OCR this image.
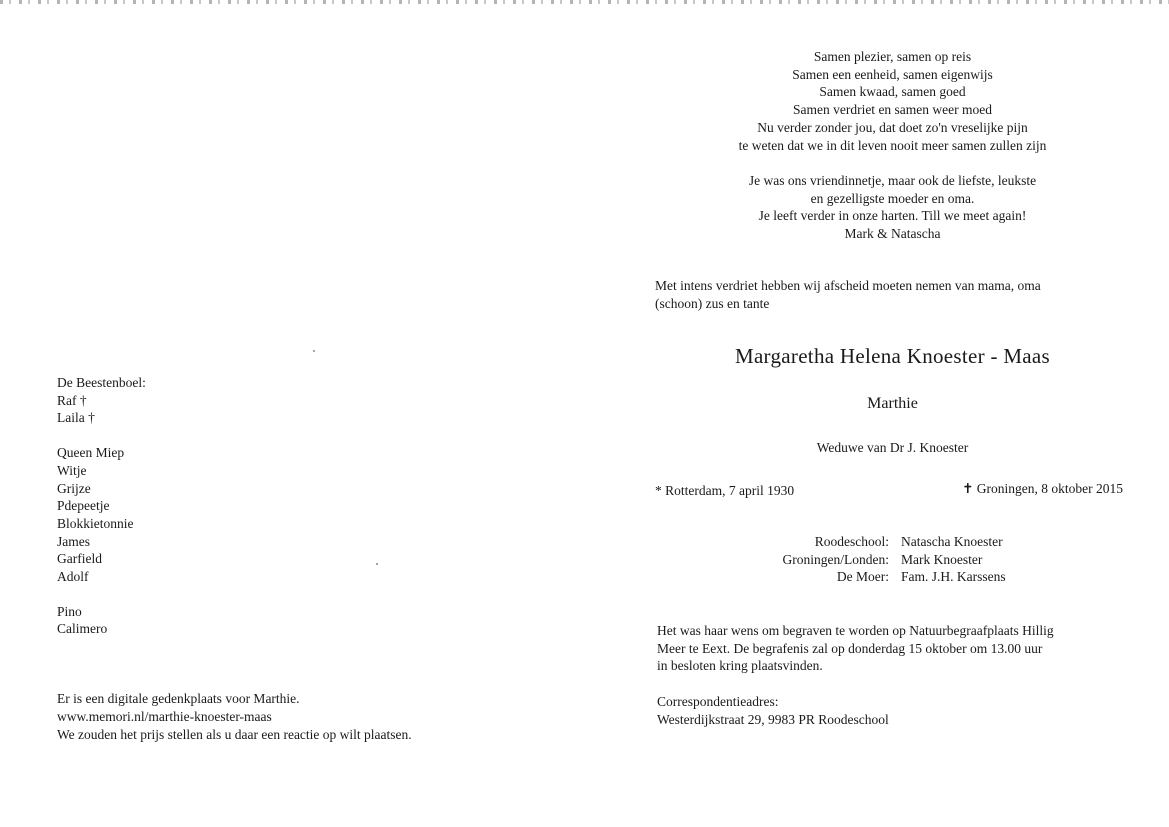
De Beestenboel:
Raf †
Laila †
Queen Miep
Witje
Grijze
Pdepeetje
Blokkietonnie
James
Garfield
Adolf
Pino
Calimero
Er is een digitale gedenkplaats voor Marthie.
www.memori.nl/marthie-knoester-maas
We zouden het prijs stellen als u daar een reactie op wilt plaatsen.
Samen plezier, samen op reis
Samen een eenheid, samen eigenwijs
Samen kwaad, samen goed
Samen verdriet en samen weer moed
Nu verder zonder jou, dat doet zo'n vreselijke pijn
te weten dat we in dit leven nooit meer samen zullen zijn
Je was ons vriendinnetje, maar ook de liefste, leukste
en gezelligste moeder en oma.
Je leeft verder in onze harten. Till we meet again!
Mark & Natascha
Met intens verdriet hebben wij afscheid moeten nemen van mama, oma
(schoon) zus en tante
Margaretha Helena Knoester - Maas
Marthie
Weduwe van Dr J. Knoester
* Rotterdam, 7 april 1930	✝ Groningen, 8 oktober 2015
Roodeschool: Natascha Knoester
Groningen/Londen: Mark Knoester
De Moer: Fam. J.H. Karssens
Het was haar wens om begraven te worden op Natuurbegraafplaats Hillig
Meer te Eext. De begrafenis zal op donderdag 15 oktober om 13.00 uur
in besloten kring plaatsvinden.
Correspondentieadres:
Westerdijkstraat 29, 9983 PR Roodeschool
